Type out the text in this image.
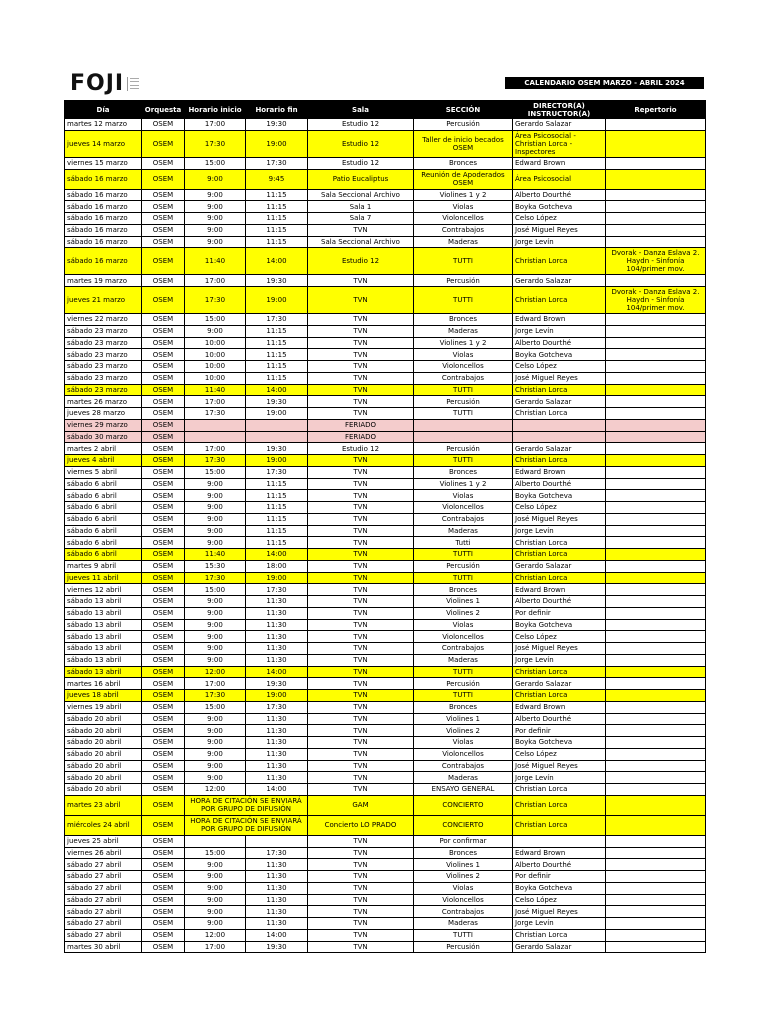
FOJI	CALENDARIO OSEM MARZO - ABRIL 2024
Día	Orquesta	Horario inicio	Horario fin	Sala	SECCIÓN	DIRECTOR(A) INSTRUCTOR(A)	Repertorio
martes 12 marzo	OSEM	17:00	19:30	Estudio 12	Percusión	Gerardo Salazar	
jueves 14 marzo	OSEM	17:30	19:00	Estudio 12	Taller de inicio becados OSEM	Área Psicosocial - Christian Lorca - Inspectores	
viernes 15 marzo	OSEM	15:00	17:30	Estudio 12	Bronces	Edward Brown	
sábado 16 marzo	OSEM	9:00	9:45	Patio Eucaliptus	Reunión de Apoderados OSEM	Área Psicosocial	
sábado 16 marzo	OSEM	9:00	11:15	Sala Seccional Archivo	Violines 1 y 2	Alberto Dourthé	
sábado 16 marzo	OSEM	9:00	11:15	Sala 1	Violas	Boyka Gotcheva	
sábado 16 marzo	OSEM	9:00	11:15	Sala 7	Violoncellos	Celso López	
sábado 16 marzo	OSEM	9:00	11:15	TVN	Contrabajos	José Miguel Reyes	
sábado 16 marzo	OSEM	9:00	11:15	Sala Seccional Archivo	Maderas	Jorge Levín	
sábado 16 marzo	OSEM	11:40	14:00	Estudio 12	TUTTI	Christian Lorca	Dvorak - Danza Eslava 2. Haydn - Sinfonía 104/primer mov.
martes 19 marzo	OSEM	17:00	19:30	TVN	Percusión	Gerardo Salazar	
jueves 21 marzo	OSEM	17:30	19:00	TVN	TUTTI	Christian Lorca	Dvorak - Danza Eslava 2. Haydn - Sinfonía 104/primer mov.
viernes 22 marzo	OSEM	15:00	17:30	TVN	Bronces	Edward Brown	
sábado 23 marzo	OSEM	9:00	11:15	TVN	Maderas	Jorge Levín	
sábado 23 marzo	OSEM	10:00	11:15	TVN	Violines 1 y 2	Alberto Dourthé	
sábado 23 marzo	OSEM	10:00	11:15	TVN	Violas	Boyka Gotcheva	
sábado 23 marzo	OSEM	10:00	11:15	TVN	Violoncellos	Celso López	
sábado 23 marzo	OSEM	10:00	11:15	TVN	Contrabajos	José Miguel Reyes	
sábado 23 marzo	OSEM	11:40	14:00	TVN	TUTTI	Christian Lorca	
martes 26 marzo	OSEM	17:00	19:30	TVN	Percusión	Gerardo Salazar	
jueves 28 marzo	OSEM	17:30	19:00	TVN	TUTTI	Christian Lorca	
viernes 29 marzo	OSEM			FERIADO			
sábado 30 marzo	OSEM			FERIADO			
martes 2 abril	OSEM	17:00	19:30	Estudio 12	Percusión	Gerardo Salazar	
jueves 4 abril	OSEM	17:30	19:00	TVN	TUTTI	Christian Lorca	
viernes 5 abril	OSEM	15:00	17:30	TVN	Bronces	Edward Brown	
sábado 6 abril	OSEM	9:00	11:15	TVN	Violines 1 y 2	Alberto Dourthé	
sábado 6 abril	OSEM	9:00	11:15	TVN	Violas	Boyka Gotcheva	
sábado 6 abril	OSEM	9:00	11:15	TVN	Violoncellos	Celso López	
sábado 6 abril	OSEM	9:00	11:15	TVN	Contrabajos	José Miguel Reyes	
sábado 6 abril	OSEM	9:00	11:15	TVN	Maderas	Jorge Levín	
sábado 6 abril	OSEM	9:00	11:15	TVN	Tutti	Christian Lorca	
sábado 6 abril	OSEM	11:40	14:00	TVN	TUTTI	Christian Lorca	
martes 9 abril	OSEM	15:30	18:00	TVN	Percusión	Gerardo Salazar	
jueves 11 abril	OSEM	17:30	19:00	TVN	TUTTI	Christian Lorca	
viernes 12 abril	OSEM	15:00	17:30	TVN	Bronces	Edward Brown	
sábado 13 abril	OSEM	9:00	11:30	TVN	Violines 1	Alberto Dourthé	
sábado 13 abril	OSEM	9:00	11:30	TVN	Violines 2	Por definir	
sábado 13 abril	OSEM	9:00	11:30	TVN	Violas	Boyka Gotcheva	
sábado 13 abril	OSEM	9:00	11:30	TVN	Violoncellos	Celso López	
sábado 13 abril	OSEM	9:00	11:30	TVN	Contrabajos	José Miguel Reyes	
sábado 13 abril	OSEM	9:00	11:30	TVN	Maderas	Jorge Levín	
sábado 13 abril	OSEM	12:00	14:00	TVN	TUTTI	Christian Lorca	
martes 16 abril	OSEM	17:00	19:30	TVN	Percusión	Gerardo Salazar	
jueves 18 abril	OSEM	17:30	19:00	TVN	TUTTI	Christian Lorca	
viernes 19 abril	OSEM	15:00	17:30	TVN	Bronces	Edward Brown	
sábado 20 abril	OSEM	9:00	11:30	TVN	Violines 1	Alberto Dourthé	
sábado 20 abril	OSEM	9:00	11:30	TVN	Violines 2	Por definir	
sábado 20 abril	OSEM	9:00	11:30	TVN	Violas	Boyka Gotcheva	
sábado 20 abril	OSEM	9:00	11:30	TVN	Violoncellos	Celso López	
sábado 20 abril	OSEM	9:00	11:30	TVN	Contrabajos	José Miguel Reyes	
sábado 20 abril	OSEM	9:00	11:30	TVN	Maderas	Jorge Levín	
sábado 20 abril	OSEM	12:00	14:00	TVN	ENSAYO GENERAL	Christian Lorca	
martes 23 abril	OSEM	HORA DE CITACIÓN SE ENVIARÁ POR GRUPO DE DIFUSIÓN		GAM	CONCIERTO	Christian Lorca	
miércoles 24 abril	OSEM	HORA DE CITACIÓN SE ENVIARÁ POR GRUPO DE DIFUSIÓN		Concierto LO PRADO	CONCIERTO	Christian Lorca	
jueves 25 abril	OSEM			TVN	Por confirmar		
viernes 26 abril	OSEM	15:00	17:30	TVN	Bronces	Edward Brown	
sábado 27 abril	OSEM	9:00	11:30	TVN	Violines 1	Alberto Dourthé	
sábado 27 abril	OSEM	9:00	11:30	TVN	Violines 2	Por definir	
sábado 27 abril	OSEM	9:00	11:30	TVN	Violas	Boyka Gotcheva	
sábado 27 abril	OSEM	9:00	11:30	TVN	Violoncellos	Celso López	
sábado 27 abril	OSEM	9:00	11:30	TVN	Contrabajos	José Miguel Reyes	
sábado 27 abril	OSEM	9:00	11:30	TVN	Maderas	Jorge Levín	
sábado 27 abril	OSEM	12:00	14:00	TVN	TUTTI	Christian Lorca	
martes 30 abril	OSEM	17:00	19:30	TVN	Percusión	Gerardo Salazar	
